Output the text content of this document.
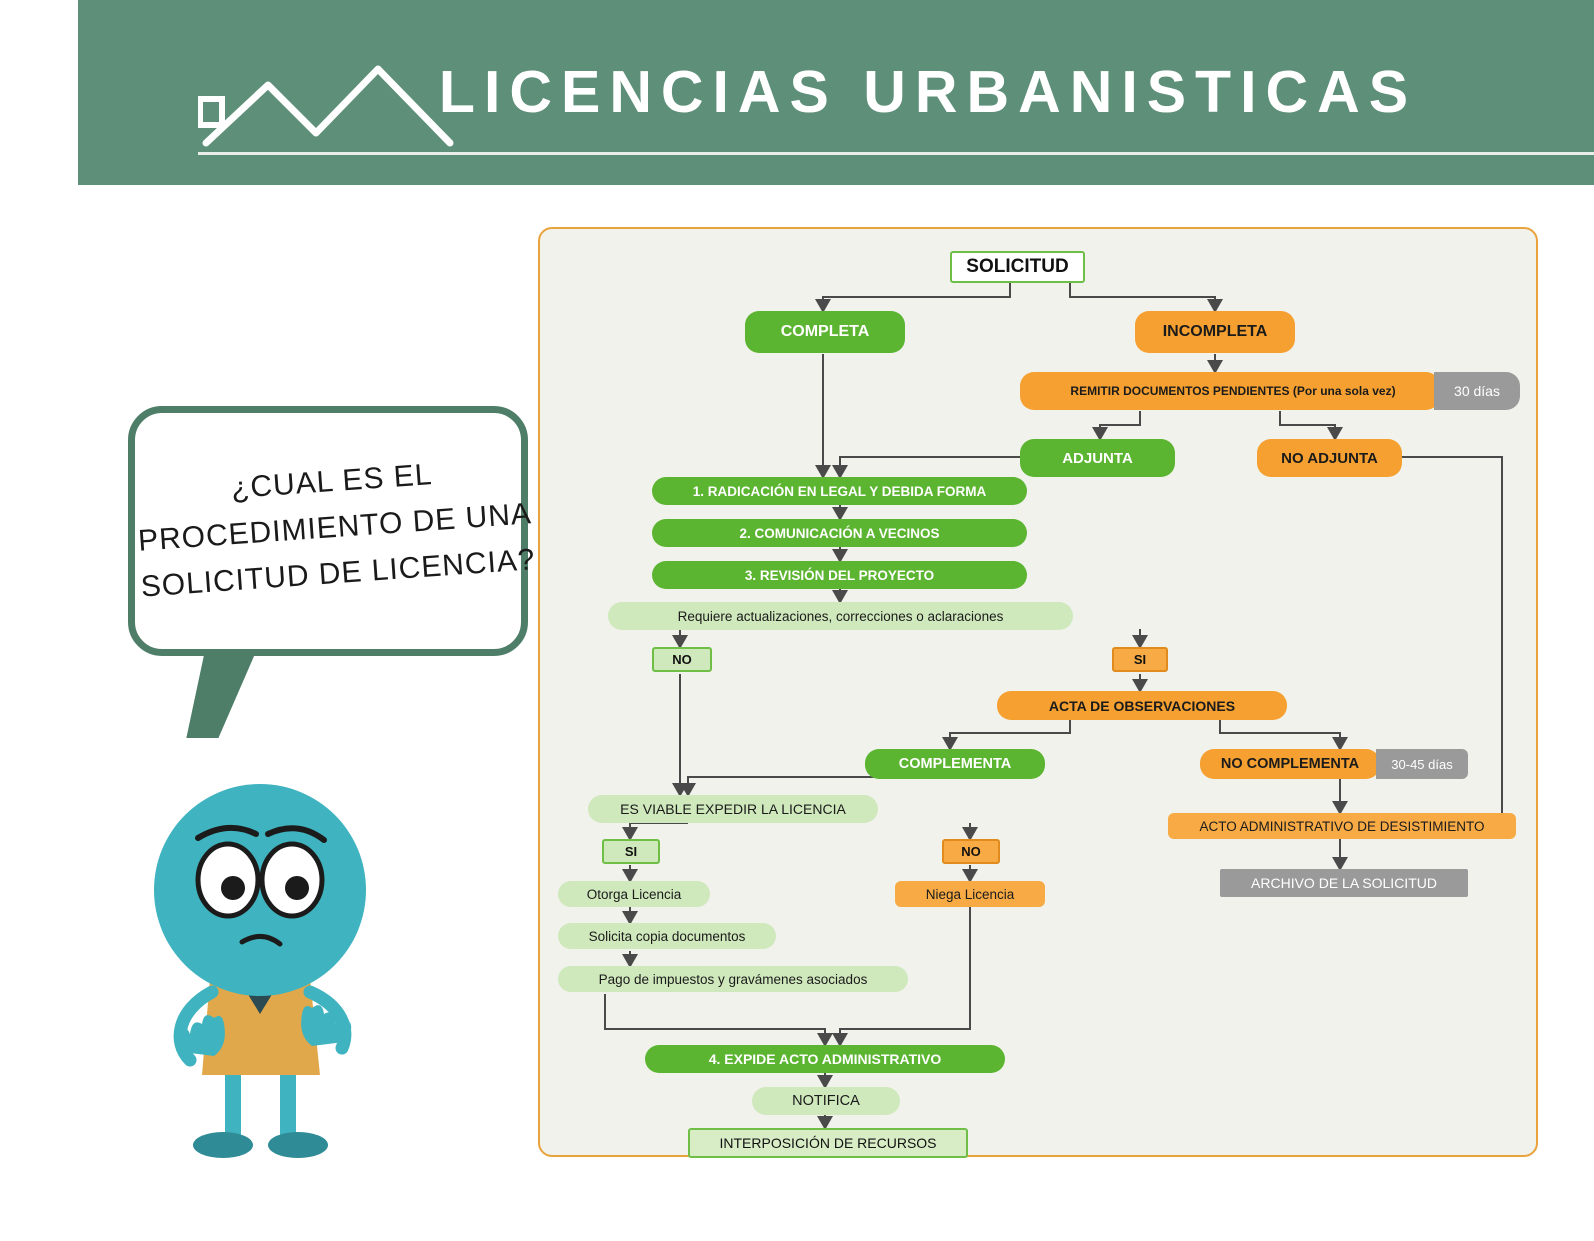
LICENCIAS URBANISTICAS
¿CUAL ES EL PROCEDIMIENTO DE UNA SOLICITUD DE LICENCIA?
SOLICITUD
COMPLETA	INCOMPLETA
REMITIR DOCUMENTOS PENDIENTES (Por una sola vez)	30 días
ADJUNTA	NO ADJUNTA
1. RADICACIÓN EN LEGAL Y DEBIDA FORMA
2. COMUNICACIÓN A VECINOS
3. REVISIÓN DEL PROYECTO
Requiere actualizaciones, correcciones o aclaraciones
NO	SI
ACTA DE OBSERVACIONES
COMPLEMENTA	NO COMPLEMENTA	30-45 días
ES VIABLE EXPEDIR LA LICENCIA
SI	NO
Otorga Licencia	Niega Licencia
Solicita copia documentos
Pago de impuestos y gravámenes asociados
ACTO ADMINISTRATIVO DE DESISTIMIENTO
ARCHIVO DE LA SOLICITUD
4. EXPIDE ACTO ADMINISTRATIVO
NOTIFICA
INTERPOSICIÓN DE RECURSOS
